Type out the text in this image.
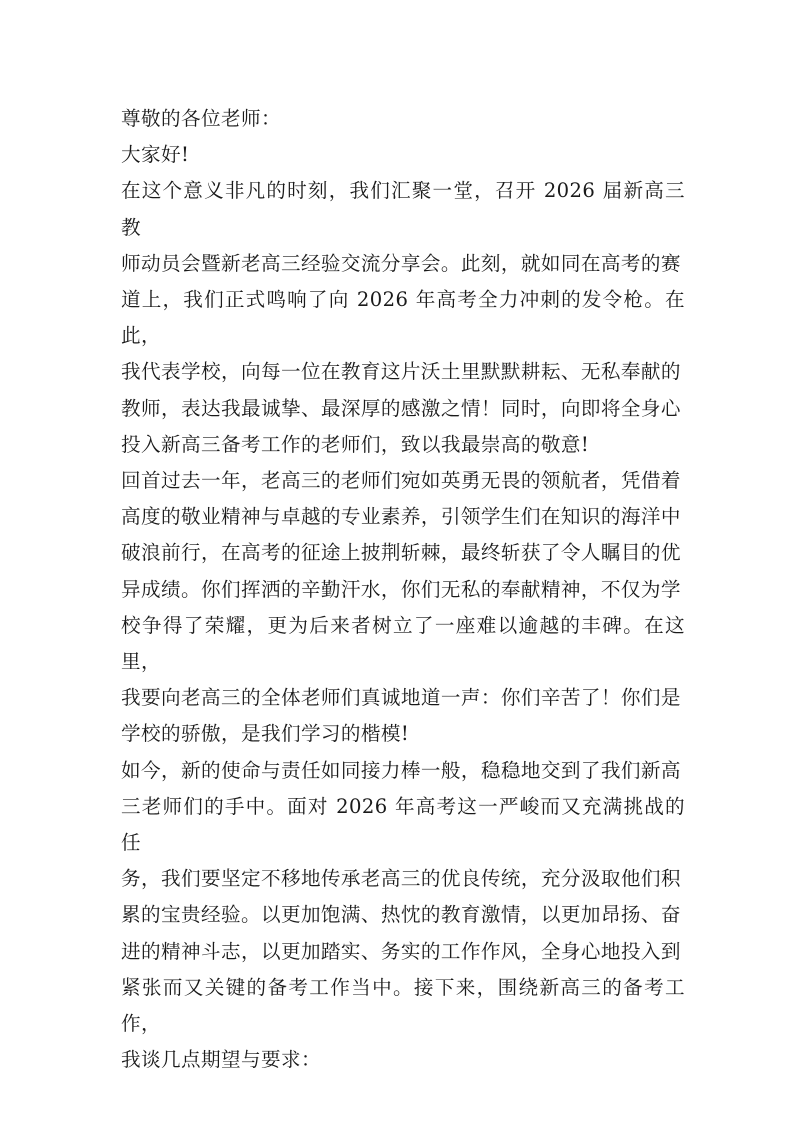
尊敬的各位老师：
大家好!
在这个意义非凡的时刻，我们汇聚一堂，召开 2026 届新高三教
师动员会暨新老高三经验交流分享会。此刻，就如同在高考的赛
道上，我们正式鸣响了向 2026 年高考全力冲刺的发令枪。在此，
我代表学校，向每一位在教育这片沃土里默默耕耘、无私奉献的
教师，表达我最诚挚、最深厚的感激之情！同时，向即将全身心
投入新高三备考工作的老师们，致以我最崇高的敬意!
回首过去一年，老高三的老师们宛如英勇无畏的领航者，凭借着
高度的敬业精神与卓越的专业素养，引领学生们在知识的海洋中
破浪前行，在高考的征途上披荆斩棘，最终斩获了令人瞩目的优
异成绩。你们挥洒的辛勤汗水，你们无私的奉献精神，不仅为学
校争得了荣耀，更为后来者树立了一座难以逾越的丰碑。在这里，
我要向老高三的全体老师们真诚地道一声：你们辛苦了！你们是
学校的骄傲，是我们学习的楷模!
如今，新的使命与责任如同接力棒一般，稳稳地交到了我们新高
三老师们的手中。面对 2026 年高考这一严峻而又充满挑战的任
务，我们要坚定不移地传承老高三的优良传统，充分汲取他们积
累的宝贵经验。以更加饱满、热忱的教育激情，以更加昂扬、奋
进的精神斗志，以更加踏实、务实的工作作风，全身心地投入到
紧张而又关键的备考工作当中。接下来，围绕新高三的备考工作，
我谈几点期望与要求：
